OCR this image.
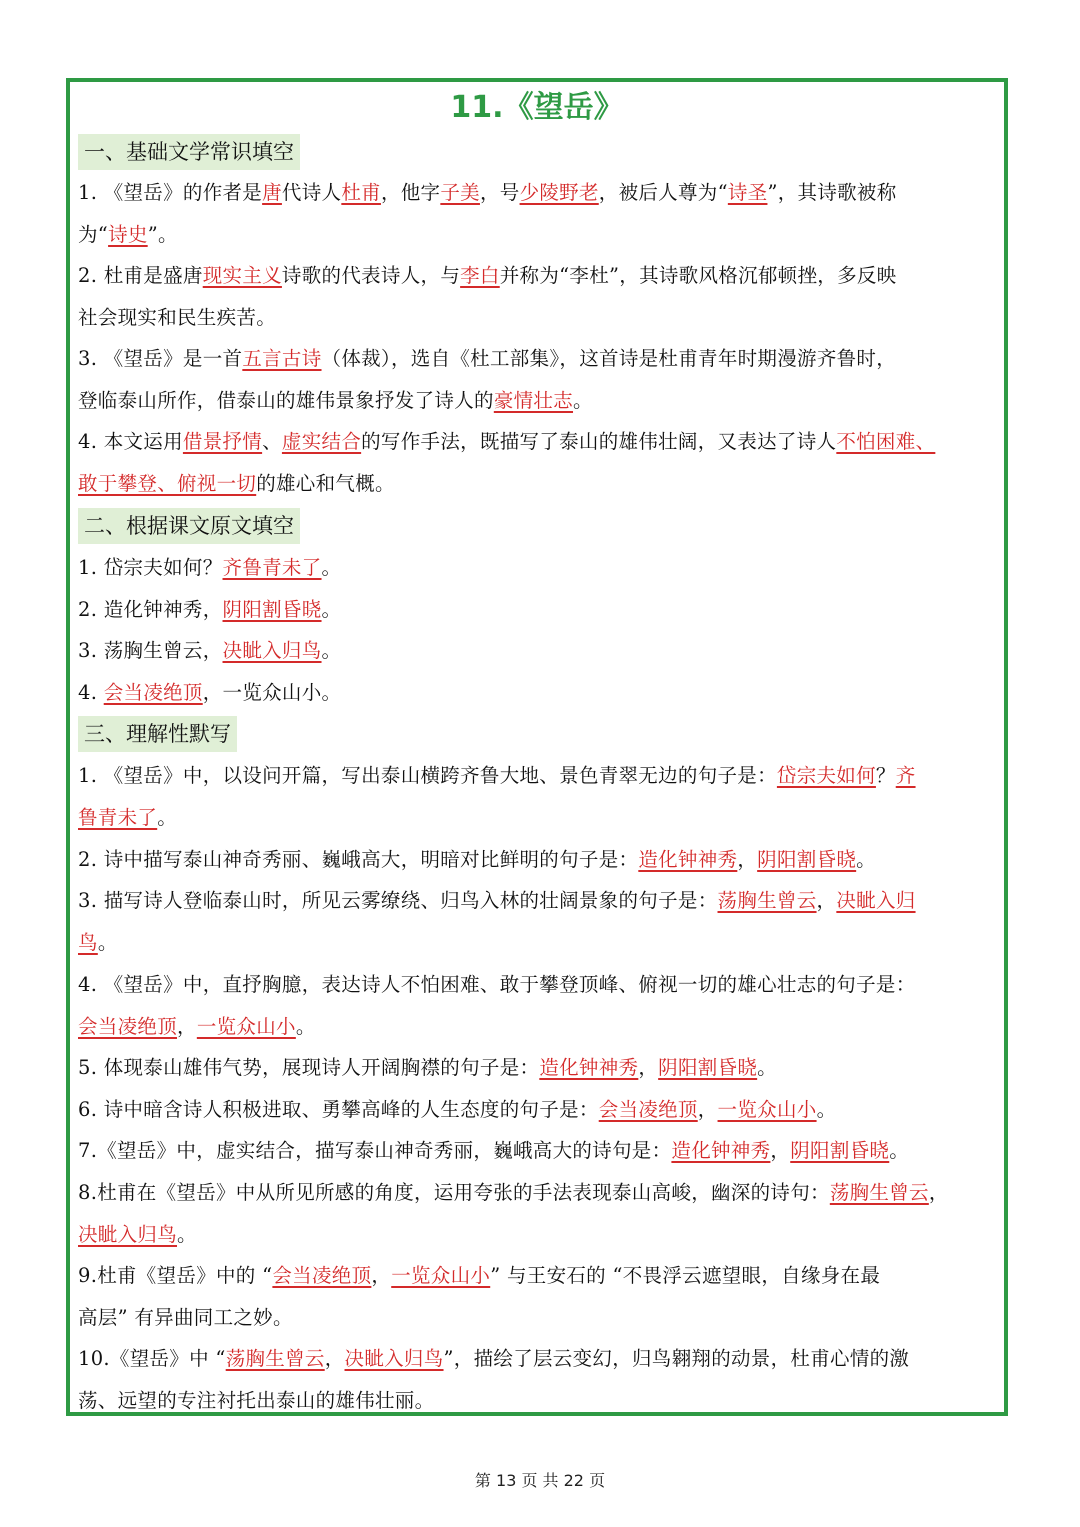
11.《望岳》
一、基础文学常识填空
1. 《望岳》的作者是唐代诗人杜甫，他字子美，号少陵野老，被后人尊为“诗圣”，其诗歌被称
为“诗史”。
2. 杜甫是盛唐现实主义诗歌的代表诗人，与李白并称为“李杜”，其诗歌风格沉郁顿挫，多反映
社会现实和民生疾苦。
3. 《望岳》是一首五言古诗（体裁），选自《杜工部集》，这首诗是杜甫青年时期漫游齐鲁时，
登临泰山所作，借泰山的雄伟景象抒发了诗人的豪情壮志。
4. 本文运用借景抒情、虚实结合的写作手法，既描写了泰山的雄伟壮阔，又表达了诗人不怕困难、
敢于攀登、俯视一切的雄心和气概。
二、根据课文原文填空
1. 岱宗夫如何？齐鲁青未了。
2. 造化钟神秀，阴阳割昏晓。
3. 荡胸生曾云，决眦入归鸟。
4. 会当凌绝顶，一览众山小。
三、理解性默写
1. 《望岳》中，以设问开篇，写出泰山横跨齐鲁大地、景色青翠无边的句子是：岱宗夫如何？齐
鲁青未了。
2. 诗中描写泰山神奇秀丽、巍峨高大，明暗对比鲜明的句子是：造化钟神秀，阴阳割昏晓。
3. 描写诗人登临泰山时，所见云雾缭绕、归鸟入林的壮阔景象的句子是：荡胸生曾云，决眦入归
鸟。
4. 《望岳》中，直抒胸臆，表达诗人不怕困难、敢于攀登顶峰、俯视一切的雄心壮志的句子是：
会当凌绝顶，一览众山小。
5. 体现泰山雄伟气势，展现诗人开阔胸襟的句子是：造化钟神秀，阴阳割昏晓。
6. 诗中暗含诗人积极进取、勇攀高峰的人生态度的句子是：会当凌绝顶，一览众山小。
7.《望岳》中，虚实结合，描写泰山神奇秀丽，巍峨高大的诗句是：造化钟神秀，阴阳割昏晓。
8.杜甫在《望岳》中从所见所感的角度，运用夸张的手法表现泰山高峻，幽深的诗句：荡胸生曾云，
决眦入归鸟。
9.杜甫《望岳》中的 “会当凌绝顶，一览众山小” 与王安石的 “不畏浮云遮望眼，自缘身在最
高层” 有异曲同工之妙。
10.《望岳》中 “荡胸生曾云，决眦入归鸟”，描绘了层云变幻，归鸟翱翔的动景，杜甫心情的激
荡、远望的专注衬托出泰山的雄伟壮丽。
第 13 页 共 22 页
